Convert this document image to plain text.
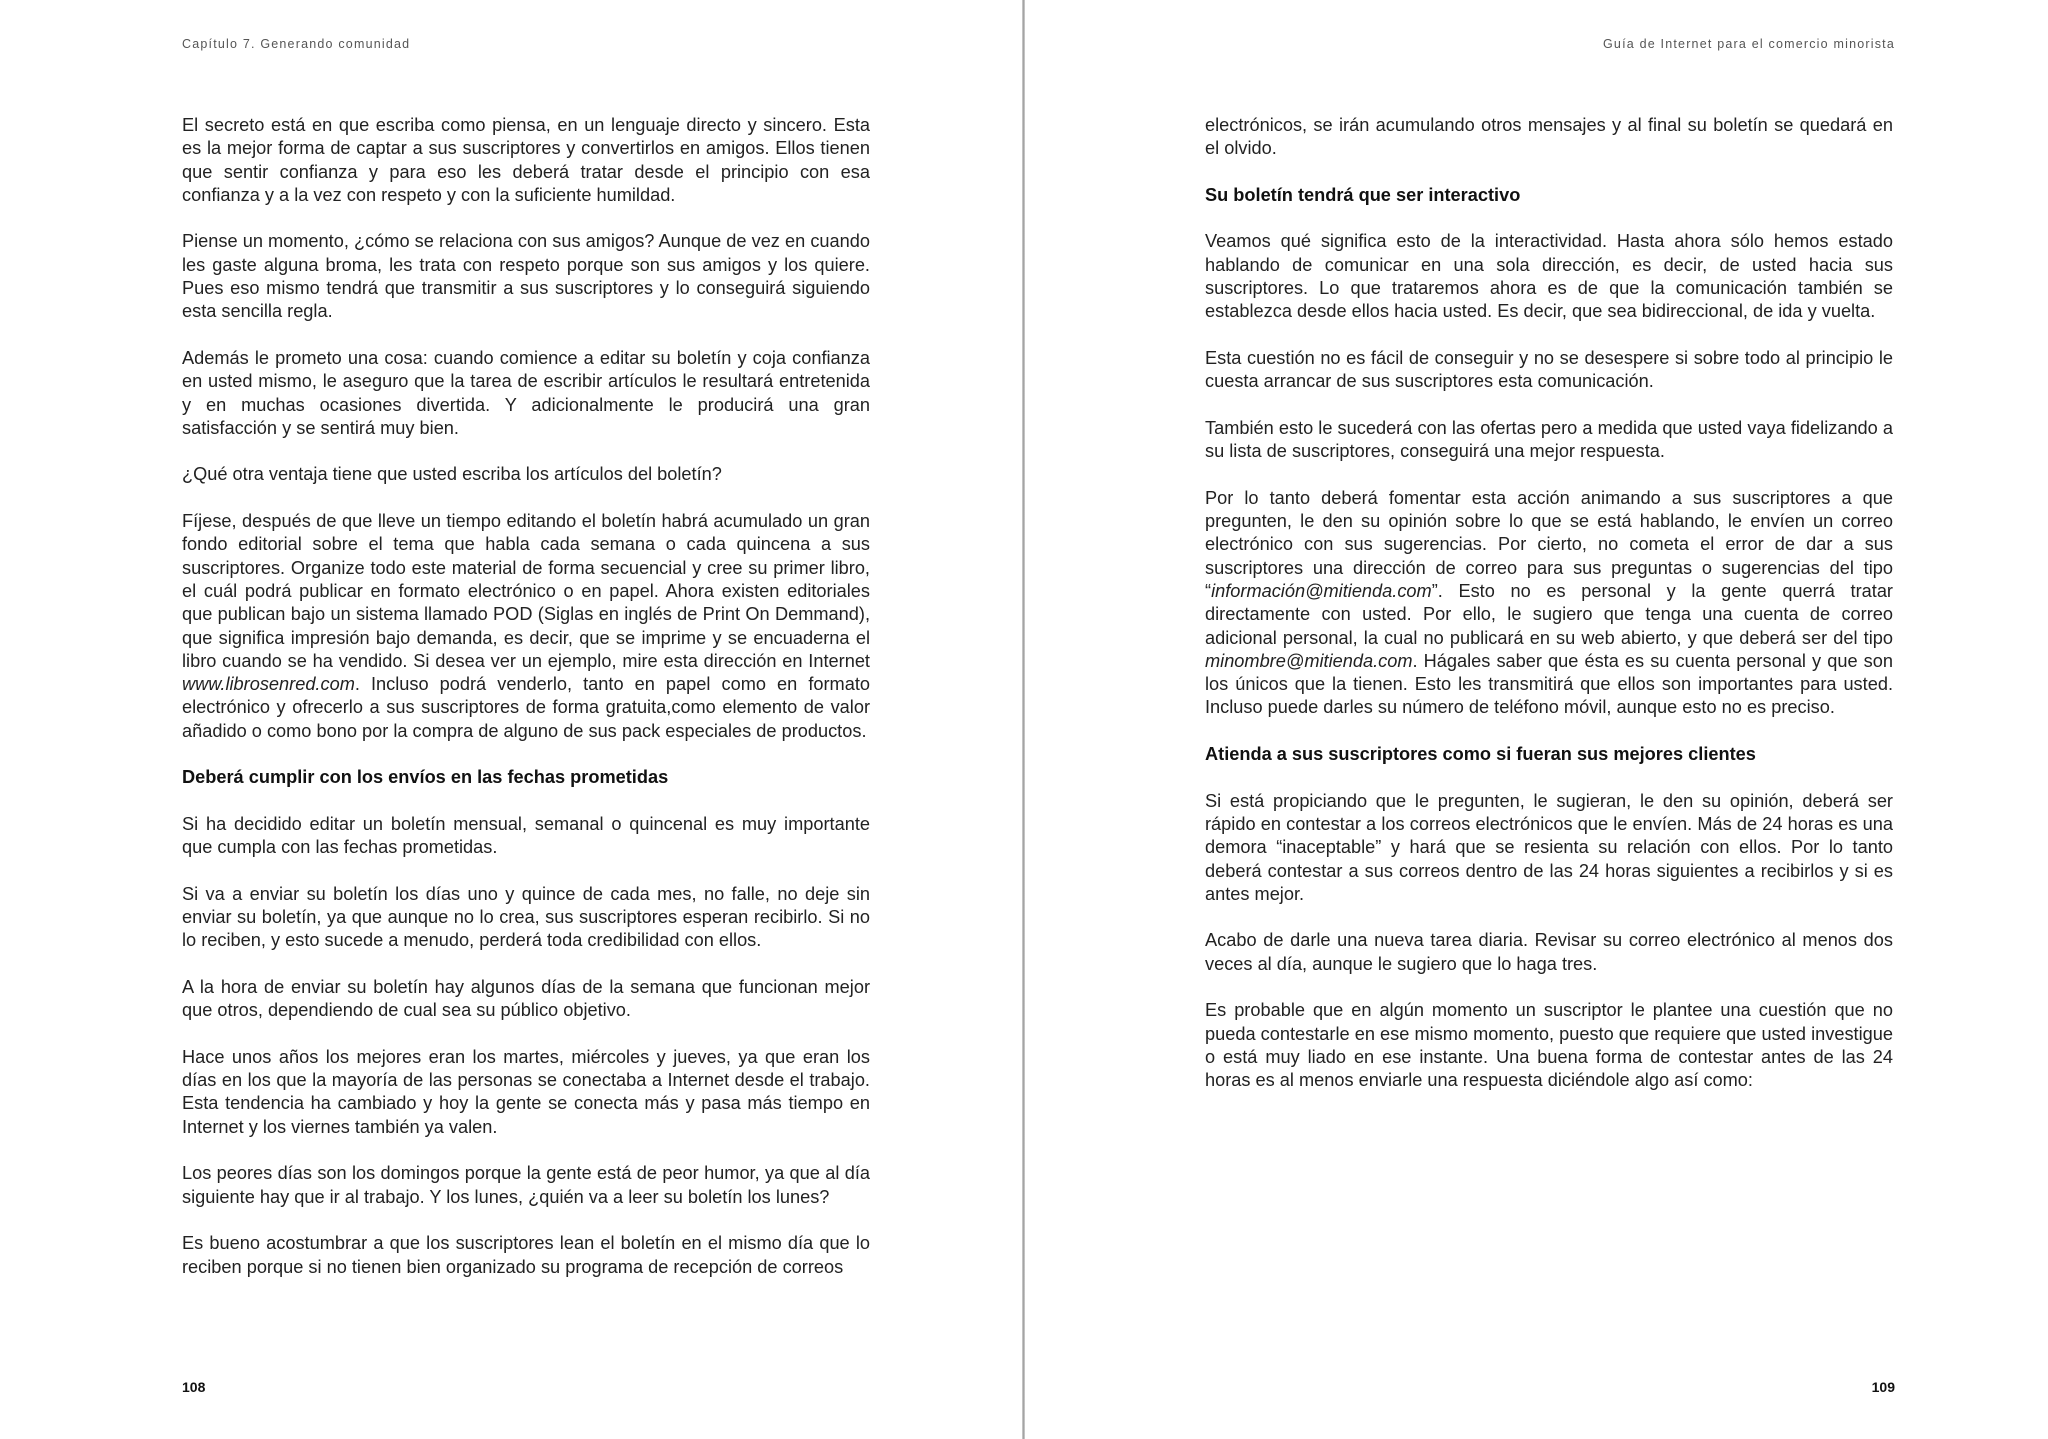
Capítulo 7. Generando comunidad

El secreto está en que escriba como piensa, en un lenguaje directo y sincero. Esta es la mejor forma de captar a sus suscriptores y convertirlos en amigos. Ellos tienen que sentir confianza y para eso les deberá tratar desde el principio con esa confianza y a la vez con respeto y con la suficiente humildad.

Piense un momento, ¿cómo se relaciona con sus amigos? Aunque de vez en cuando les gaste alguna broma, les trata con respeto porque son sus amigos y los quiere. Pues eso mismo tendrá que transmitir a sus suscriptores y lo conseguirá siguiendo esta sencilla regla.

Además le prometo una cosa: cuando comience a editar su boletín y coja confianza en usted mismo, le aseguro que la tarea de escribir artículos le resultará entretenida y en muchas ocasiones divertida. Y adicionalmente le producirá una gran satisfacción y se sentirá muy bien.

¿Qué otra ventaja tiene que usted escriba los artículos del boletín?

Fíjese, después de que lleve un tiempo editando el boletín habrá acumulado un gran fondo editorial sobre el tema que habla cada semana o cada quincena a sus suscriptores. Organize todo este material de forma secuencial y cree su primer libro, el cuál podrá publicar en formato electrónico o en papel. Ahora existen editoriales que publican bajo un sistema llamado POD (Siglas en inglés de Print On Demmand), que significa impresión bajo demanda, es decir, que se imprime y se encuaderna el libro cuando se ha vendido. Si desea ver un ejemplo, mire esta dirección en Internet www.librosenred.com. Incluso podrá venderlo, tanto en papel como en formato electrónico y ofrecerlo a sus suscriptores de forma gratuita,como elemento de valor añadido o como bono por la compra de alguno de sus pack especiales de productos.

Deberá cumplir con los envíos en las fechas prometidas

Si ha decidido editar un boletín mensual, semanal o quincenal es muy importante que cumpla con las fechas prometidas.

Si va a enviar su boletín los días uno y quince de cada mes, no falle, no deje sin enviar su boletín, ya que aunque no lo crea, sus suscriptores esperan recibirlo. Si no lo reciben, y esto sucede a menudo, perderá toda credibilidad con ellos.

A la hora de enviar su boletín hay algunos días de la semana que funcionan mejor que otros, dependiendo de cual sea su público objetivo.

Hace unos años los mejores eran los martes, miércoles y jueves, ya que eran los días en los que la mayoría de las personas se conectaba a Internet desde el trabajo. Esta tendencia ha cambiado y hoy la gente se conecta más y pasa más tiempo en Internet y los viernes también ya valen.

Los peores días son los domingos porque la gente está de peor humor, ya que al día siguiente hay que ir al trabajo. Y los lunes, ¿quién va a leer su boletín los lunes?

Es bueno acostumbrar a que los suscriptores lean el boletín en el mismo día que lo reciben porque si no tienen bien organizado su programa de recepción de correos

108
Guía de Internet para el comercio minorista

electrónicos, se irán acumulando otros mensajes y al final su boletín se quedará en el olvido.

Su boletín tendrá que ser interactivo

Veamos qué significa esto de la interactividad. Hasta ahora sólo hemos estado hablando de comunicar en una sola dirección, es decir, de usted hacia sus suscriptores. Lo que trataremos ahora es de que la comunicación también se establezca desde ellos hacia usted. Es decir, que sea bidireccional, de ida y vuelta.

Esta cuestión no es fácil de conseguir y no se desespere si sobre todo al principio le cuesta arrancar de sus suscriptores esta comunicación.

También esto le sucederá con las ofertas pero a medida que usted vaya fidelizando a su lista de suscriptores, conseguirá una mejor respuesta.

Por lo tanto deberá fomentar esta acción animando a sus suscriptores a que pregunten, le den su opinión sobre lo que se está hablando, le envíen un correo electrónico con sus sugerencias. Por cierto, no cometa el error de dar a sus suscriptores una dirección de correo para sus preguntas o sugerencias del tipo “información@mitienda.com”. Esto no es personal y la gente querrá tratar directamente con usted. Por ello, le sugiero que tenga una cuenta de correo adicional personal, la cual no publicará en su web abierto, y que deberá ser del tipo minombre@mitienda.com. Hágales saber que ésta es su cuenta personal y que son los únicos que la tienen. Esto les transmitirá que ellos son importantes para usted. Incluso puede darles su número de teléfono móvil, aunque esto no es preciso.

Atienda a sus suscriptores como si fueran sus mejores clientes

Si está propiciando que le pregunten, le sugieran, le den su opinión, deberá ser rápido en contestar a los correos electrónicos que le envíen. Más de 24 horas es una demora “inaceptable” y hará que se resienta su relación con ellos. Por lo tanto deberá contestar a sus correos dentro de las 24 horas siguientes a recibirlos y si es antes mejor.

Acabo de darle una nueva tarea diaria. Revisar su correo electrónico al menos dos veces al día, aunque le sugiero que lo haga tres.

Es probable que en algún momento un suscriptor le plantee una cuestión que no pueda contestarle en ese mismo momento, puesto que requiere que usted investigue o está muy liado en ese instante. Una buena forma de contestar antes de las 24 horas es al menos enviarle una respuesta diciéndole algo así como:

109
